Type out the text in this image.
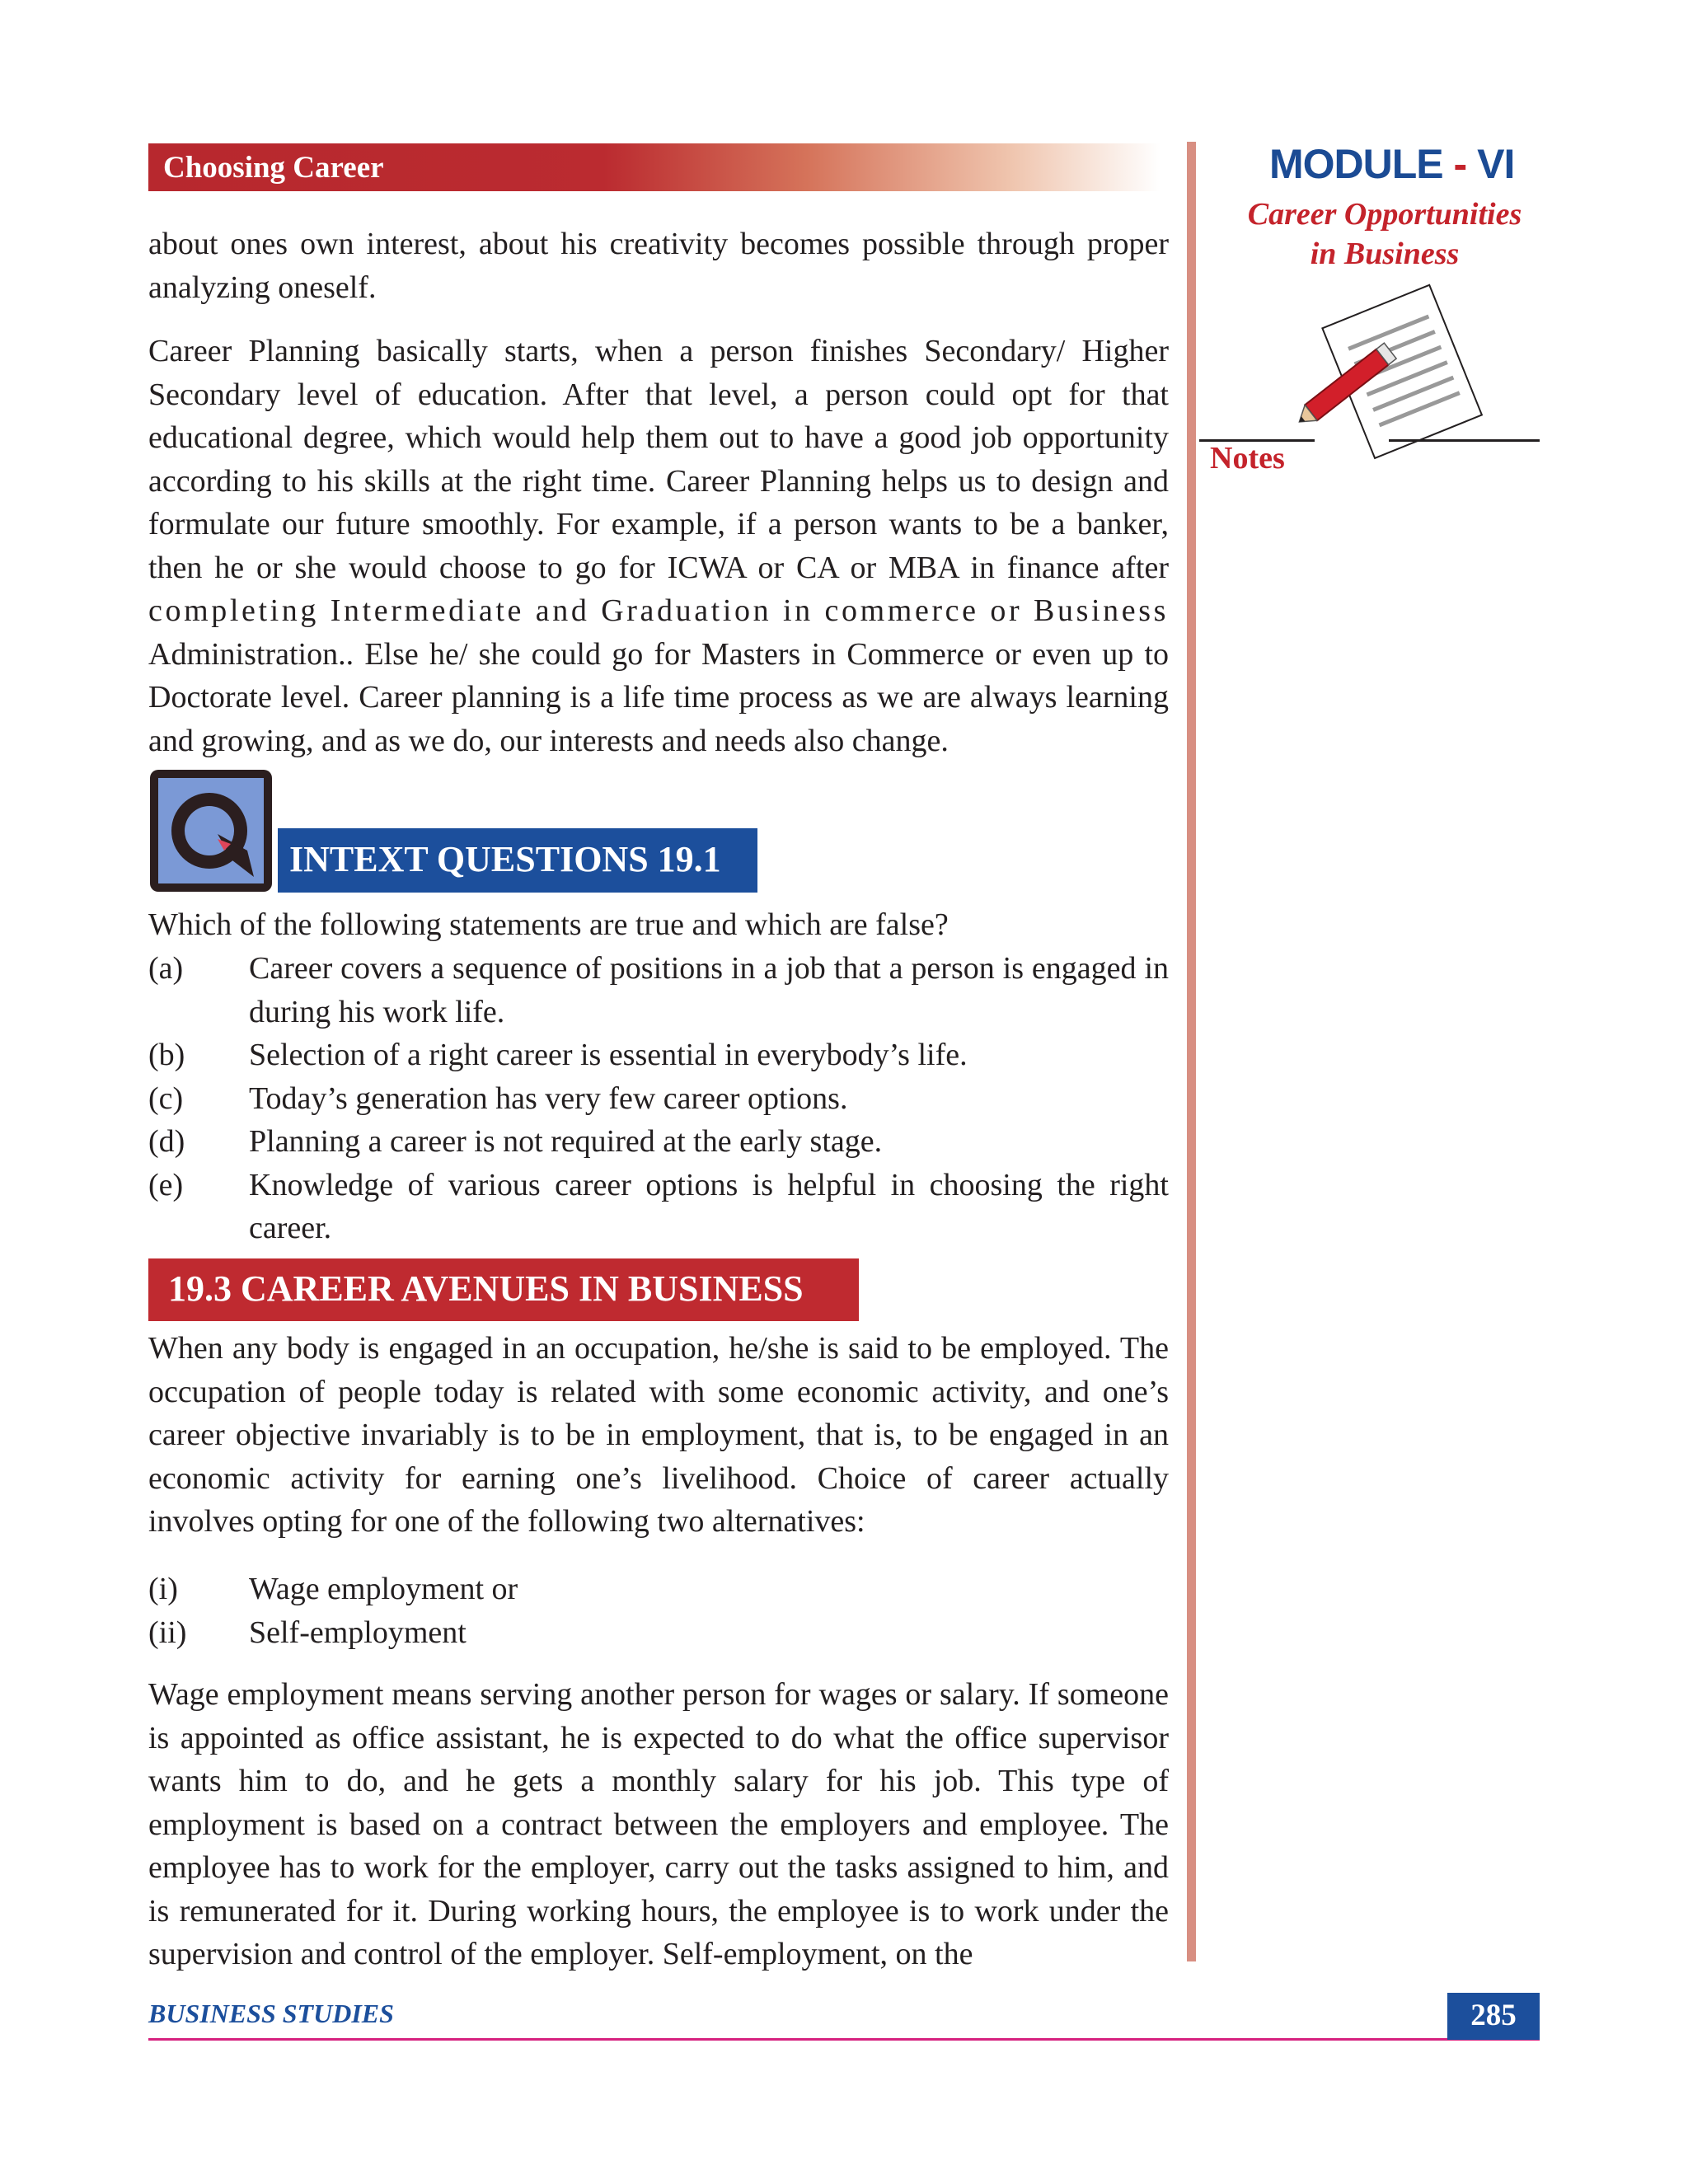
Choosing Career	MODULE - VI
Career Opportunities
in Business
Notes
about ones own interest, about his creativity becomes possible through proper analyzing oneself.
Career Planning basically starts, when a person finishes Secondary/ Higher Secondary level of education. After that level, a person could opt for that educational degree, which would help them out to have a good job opportunity according to his skills at the right time. Career Planning helps us to design and formulate our future smoothly. For example, if a person wants to be a banker, then he or she would choose to go for ICWA or CA or MBA in finance after completing Intermediate and Graduation in commerce or Business Administration.. Else he/ she could go for Masters in Commerce or even up to Doctorate level. Career planning is a life time process as we are always learning and growing, and as we do, our interests and needs also change.
INTEXT QUESTIONS 19.1
Which of the following statements are true and which are false?
(a) Career covers a sequence of positions in a job that a person is engaged in during his work life.
(b) Selection of a right career is essential in everybody’s life.
(c) Today’s generation has very few career options.
(d) Planning a career is not required at the early stage.
(e) Knowledge of various career options is helpful in choosing the right career.
19.3 CAREER AVENUES IN BUSINESS
When any body is engaged in an occupation, he/she is said to be employed. The occupation of people today is related with some economic activity, and one’s career objective invariably is to be in employment, that is, to be engaged in an economic activity for earning one’s livelihood. Choice of career actually involves opting for one of the following two alternatives:
(i) Wage employment or
(ii) Self-employment
Wage employment means serving another person for wages or salary. If someone is appointed as office assistant, he is expected to do what the office supervisor wants him to do, and he gets a monthly salary for his job. This type of employment is based on a contract between the employers and employee. The employee has to work for the employer, carry out the tasks assigned to him, and is remunerated for it. During working hours, the employee is to work under the supervision and control of the employer. Self-employment, on the
BUSINESS STUDIES	285
